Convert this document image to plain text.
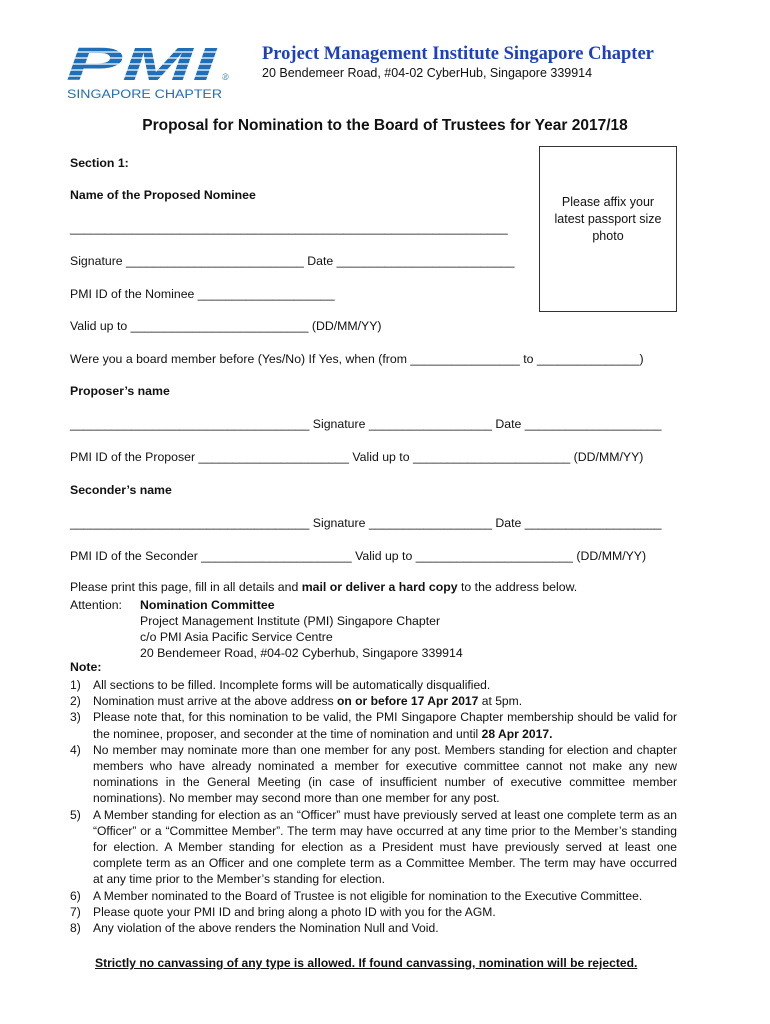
PMI ®
SINGAPORE CHAPTER
Project Management Institute Singapore Chapter
20 Bendemeer Road, #04-02 CyberHub, Singapore 339914
Proposal for Nomination to the Board of Trustees for Year 2017/18
Please affix your
latest passport size
photo
Section 1:
Name of the Proposed Nominee
________________________________________________________________
Signature __________________________ Date __________________________
PMI ID of the Nominee ____________________
Valid up to __________________________ (DD/MM/YY)
Were you a board member before (Yes/No) If Yes, when (from ________________ to _______________)
Proposer’s name
___________________________________ Signature __________________ Date ____________________
PMI ID of the Proposer ______________________ Valid up to _______________________ (DD/MM/YY)
Seconder’s name
___________________________________ Signature __________________ Date ____________________
PMI ID of the Seconder ______________________ Valid up to _______________________ (DD/MM/YY)
Please print this page, fill in all details and mail or deliver a hard copy to the address below.
Attention: Nomination Committee
Project Management Institute (PMI) Singapore Chapter
c/o PMI Asia Pacific Service Centre
20 Bendemeer Road, #04-02 Cyberhub, Singapore 339914
Note:
1) All sections to be filled. Incomplete forms will be automatically disqualified.
2) Nomination must arrive at the above address on or before 17 Apr 2017 at 5pm.
3) Please note that, for this nomination to be valid, the PMI Singapore Chapter membership should be valid for the nominee, proposer, and seconder at the time of nomination and until 28 Apr 2017.
4) No member may nominate more than one member for any post. Members standing for election and chapter members who have already nominated a member for executive committee cannot not make any new nominations in the General Meeting (in case of insufficient number of executive committee member nominations). No member may second more than one member for any post.
5) A Member standing for election as an “Officer” must have previously served at least one complete term as an “Officer” or a “Committee Member”. The term may have occurred at any time prior to the Member’s standing for election. A Member standing for election as a President must have previously served at least one complete term as an Officer and one complete term as a Committee Member. The term may have occurred at any time prior to the Member’s standing for election.
6) A Member nominated to the Board of Trustee is not eligible for nomination to the Executive Committee.
7) Please quote your PMI ID and bring along a photo ID with you for the AGM.
8) Any violation of the above renders the Nomination Null and Void.
Strictly no canvassing of any type is allowed. If found canvassing, nomination will be rejected.
